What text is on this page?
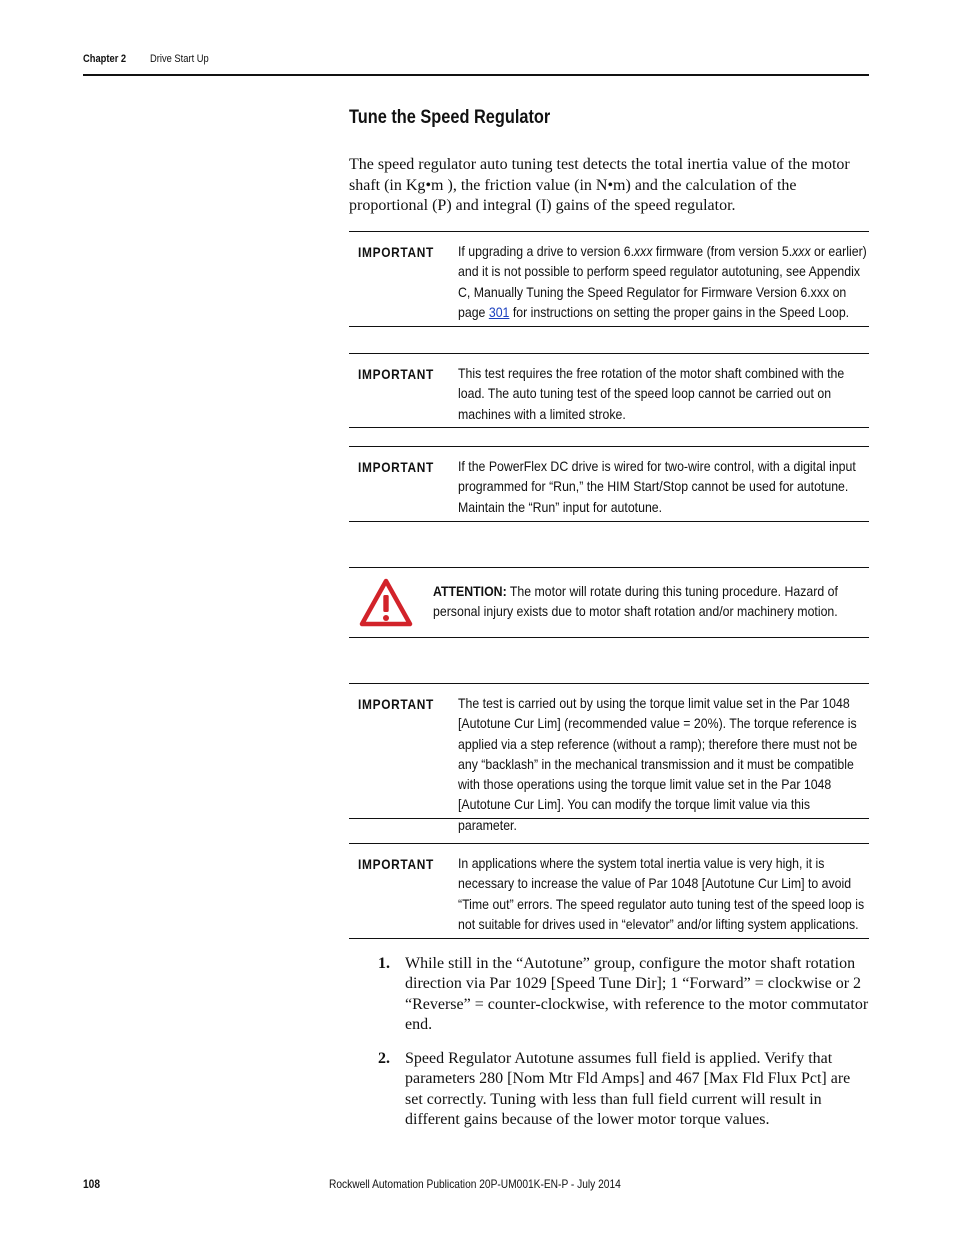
Chapter 2 Drive Start Up
Tune the Speed Regulator

The speed regulator auto tuning test detects the total inertia value of the motor shaft (in Kg•m ), the friction value (in N•m) and the calculation of the proportional (P) and integral (I) gains of the speed regulator.

IMPORTANT If upgrading a drive to version 6.xxx firmware (from version 5.xxx or earlier) and it is not possible to perform speed regulator autotuning, see Appendix C, Manually Tuning the Speed Regulator for Firmware Version 6.xxx on page 301 for instructions on setting the proper gains in the Speed Loop.
IMPORTANT This test requires the free rotation of the motor shaft combined with the load. The auto tuning test of the speed loop cannot be carried out on machines with a limited stroke.
IMPORTANT If the PowerFlex DC drive is wired for two-wire control, with a digital input programmed for “Run,” the HIM Start/Stop cannot be used for autotune. Maintain the “Run” input for autotune.
ATTENTION: The motor will rotate during this tuning procedure. Hazard of personal injury exists due to motor shaft rotation and/or machinery motion.
IMPORTANT The test is carried out by using the torque limit value set in the Par 1048 [Autotune Cur Lim] (recommended value = 20%). The torque reference is applied via a step reference (without a ramp); therefore there must not be any “backlash” in the mechanical transmission and it must be compatible with those operations using the torque limit value set in the Par 1048 [Autotune Cur Lim]. You can modify the torque limit value via this parameter.
IMPORTANT In applications where the system total inertia value is very high, it is necessary to increase the value of Par 1048 [Autotune Cur Lim] to avoid “Time out” errors. The speed regulator auto tuning test of the speed loop is not suitable for drives used in “elevator” and/or lifting system applications.
1. While still in the “Autotune” group, configure the motor shaft rotation direction via Par 1029 [Speed Tune Dir]; 1 “Forward” = clockwise or 2 “Reverse” = counter-clockwise, with reference to the motor commutator end.
2. Speed Regulator Autotune assumes full field is applied. Verify that parameters 280 [Nom Mtr Fld Amps] and 467 [Max Fld Flux Pct] are set correctly. Tuning with less than full field current will result in different gains because of the lower motor torque values.
108	Rockwell Automation Publication 20P-UM001K-EN-P - July 2014
